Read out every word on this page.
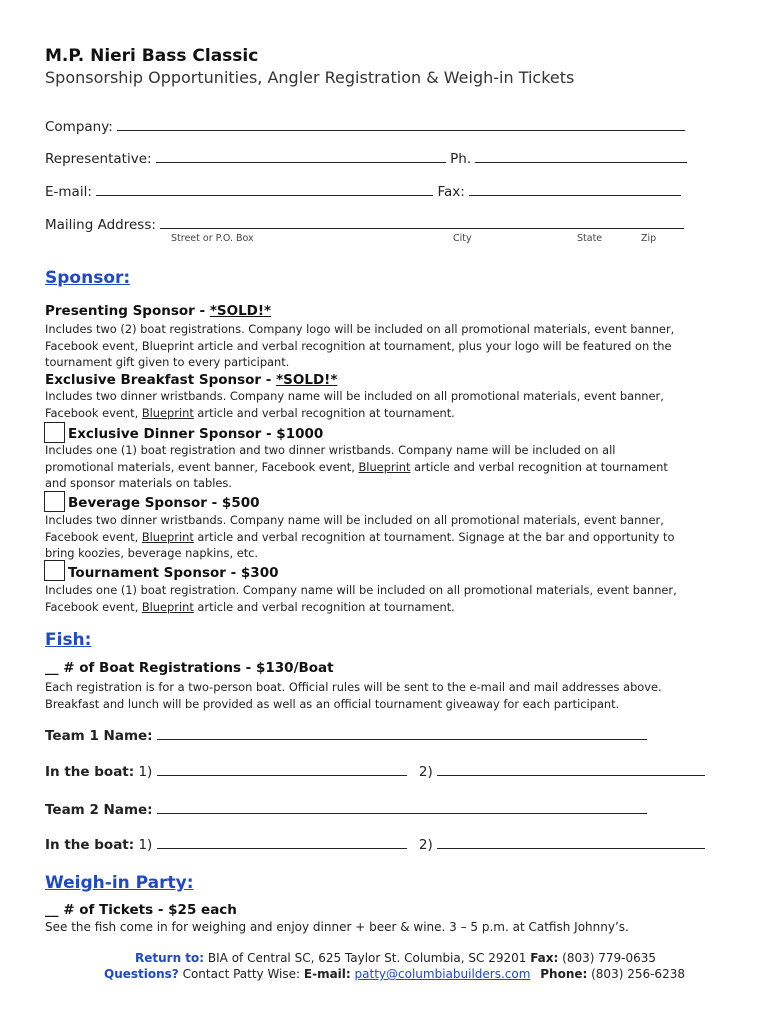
M.P. Nieri Bass Classic
Sponsorship Opportunities, Angler Registration & Weigh-in Tickets
Company:
Representative:	Ph.
E-mail:	Fax:
Mailing Address:
Street or P.O. Box	City	State	Zip
Sponsor:
Presenting Sponsor - *SOLD!*
Includes two (2) boat registrations. Company logo will be included on all promotional materials, event banner,
Facebook event, Blueprint article and verbal recognition at tournament, plus your logo will be featured on the
tournament gift given to every participant.
Exclusive Breakfast Sponsor - *SOLD!*
Includes two dinner wristbands. Company name will be included on all promotional materials, event banner,
Facebook event, Blueprint article and verbal recognition at tournament.
Exclusive Dinner Sponsor - $1000
Includes one (1) boat registration and two dinner wristbands. Company name will be included on all
promotional materials, event banner, Facebook event, Blueprint article and verbal recognition at tournament
and sponsor materials on tables.
Beverage Sponsor - $500
Includes two dinner wristbands. Company name will be included on all promotional materials, event banner,
Facebook event, Blueprint article and verbal recognition at tournament. Signage at the bar and opportunity to
bring koozies, beverage napkins, etc.
Tournament Sponsor - $300
Includes one (1) boat registration. Company name will be included on all promotional materials, event banner,
Facebook event, Blueprint article and verbal recognition at tournament.
Fish:
__ # of Boat Registrations - $130/Boat
Each registration is for a two-person boat. Official rules will be sent to the e-mail and mail addresses above.
Breakfast and lunch will be provided as well as an official tournament giveaway for each participant.
Team 1 Name:
In the boat: 1)	2)
Team 2 Name:
In the boat: 1)	2)
Weigh-in Party:
__ # of Tickets - $25 each
See the fish come in for weighing and enjoy dinner + beer & wine. 3 – 5 p.m. at Catfish Johnny’s.
Return to: BIA of Central SC, 625 Taylor St. Columbia, SC 29201 Fax: (803) 779-0635
Questions? Contact Patty Wise: E-mail: patty@columbiabuilders.com Phone: (803) 256-6238
